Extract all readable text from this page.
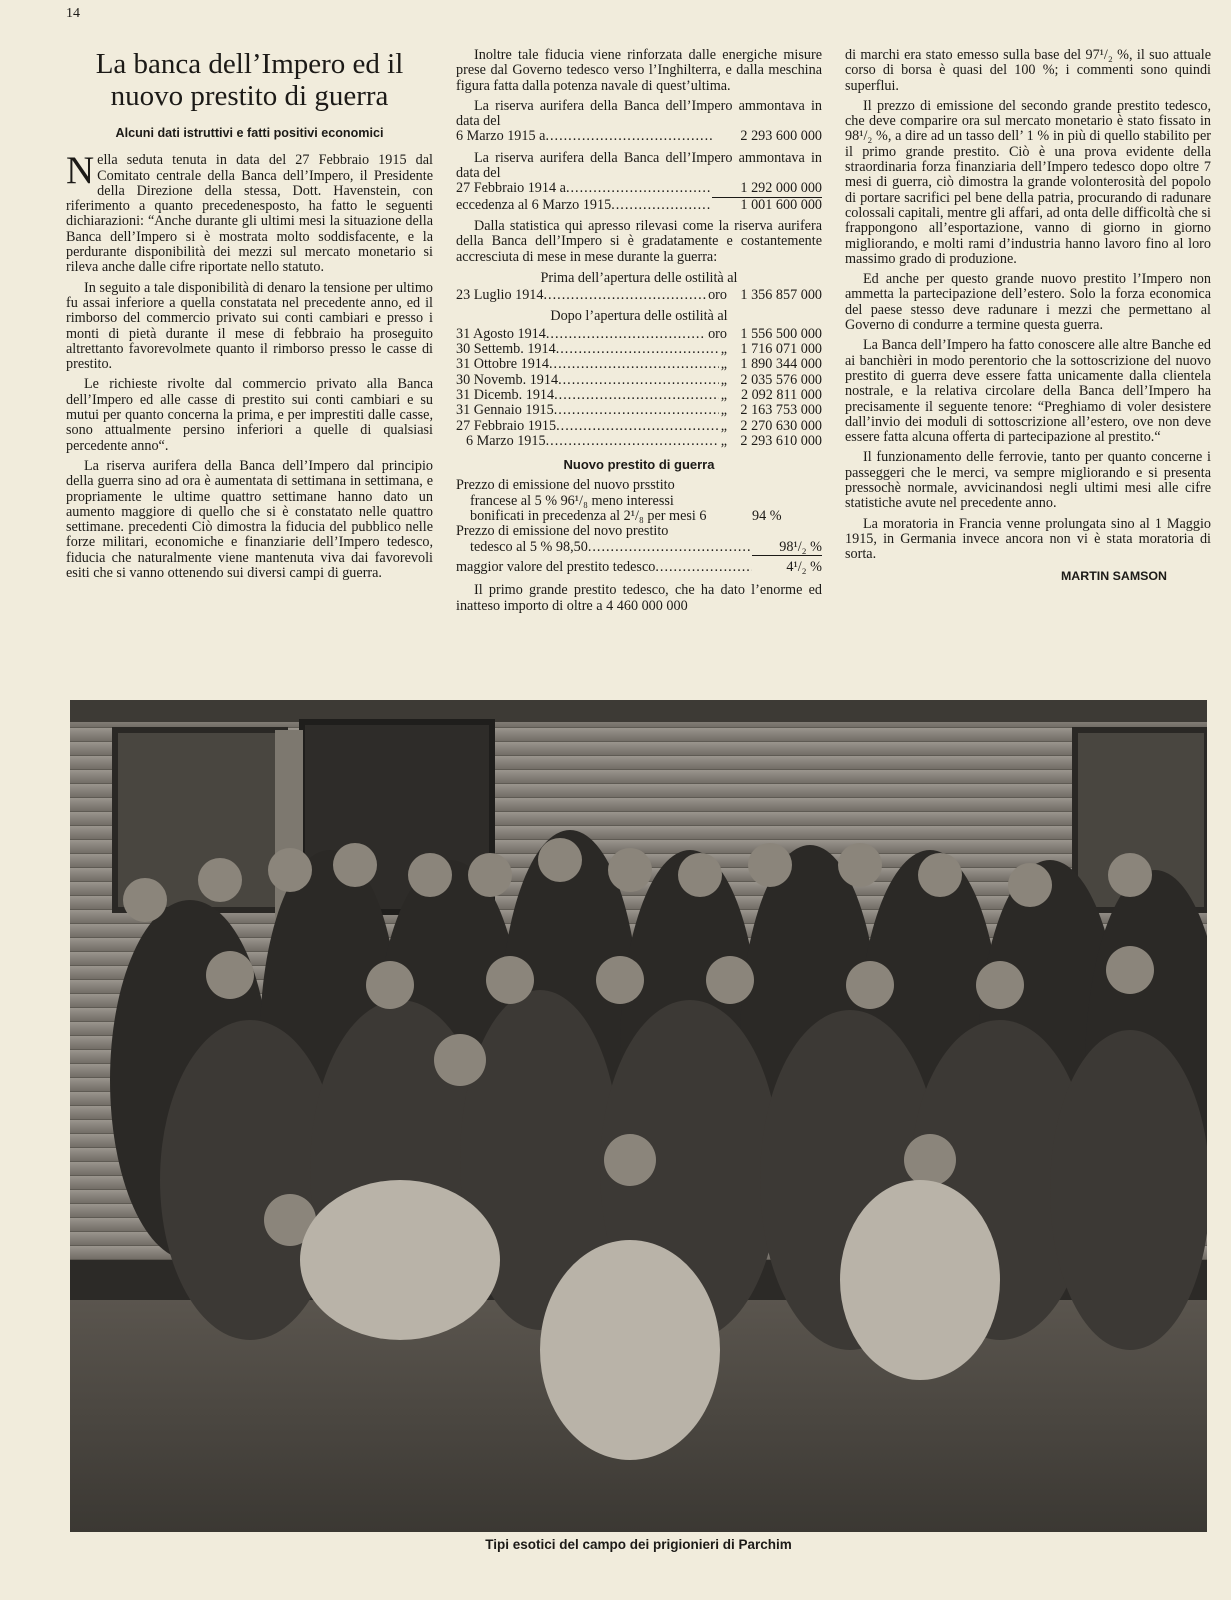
14
La banca dell’Impero ed il nuovo prestito di guerra
Alcuni dati istruttivi e fatti positivi economici

Nella seduta tenuta in data del 27 Febbraio 1915 dal Comitato centrale della Banca dell’Impero, il Presidente della Direzione della stessa, Dott. Havenstein, con riferimento a quanto precedenesposto, ha fatto le seguenti dichiarazioni: “Anche durante gli ultimi mesi la situazione della Banca dell’Impero si è mostrata molto soddisfacente, e la perdurante disponibilità dei mezzi sul mercato monetario si rileva anche dalle cifre riportate nello statuto.

In seguito a tale disponibilità di denaro la tensione per ultimo fu assai inferiore a quella constatata nel precedente anno, ed il rimborso del commercio privato sui conti cambiari e presso i monti di pietà durante il mese di febbraio ha proseguito altrettanto favorevolmete quanto il rimborso presso le casse di prestito.

Le richieste rivolte dal commercio privato alla Banca dell’Impero ed alle casse di prestito sui conti cambiari e su mutui per quanto concerna la prima, e per imprestiti dalle casse, sono attualmente persino inferiori a quelle di qualsiasi percedente anno“.

La riserva aurifera della Banca dell’Impero dal principio della guerra sino ad ora è aumentata di settimana in settimana, e propriamente le ultime quattro settimane hanno dato un aumento maggiore di quello che si è constatato nelle quattro settimane. precedenti Ciò dimostra la fiducia del pubblico nelle forze militari, economiche e finanziarie dell’Impero tedesco, fiducia che naturalmente viene mantenuta viva dai favorevoli esiti che si vanno ottenendo sui diversi campi di guerra.

Inoltre tale fiducia viene rinforzata dalle energiche misure prese dal Governo tedesco verso l’Inghilterra, e dalla meschina figura fatta dalla potenza navale di quest’ultima.

La riserva aurifera della Banca dell’Impero ammontava in data del

6 Marzo 1915 a .....	2 293 600 000

La riserva aurifera della Banca dell’Impero ammontava in data del

27 Febbraio 1914 a .....	1 292 000 000
eccedenza al 6 Marzo 1915 .....	1 001 600 000

Dalla statistica qui apresso rilevasi come la riserva aurifera della Banca dell’Impero si è gradatamente e costantemente accresciuta di mese in mese durante la guerra:

Prima dell’apertura delle ostilità al
23 Luglio 1914 .....	oro 1 356 857 000
Dopo l’apertura delle ostilità al
31 Agosto 1914 .....	oro 1 556 500 000
30 Settemb. 1914 .....	„ 1 716 071 000
31 Ottobre 1914 .....	„ 1 890 344 000
30 Novemb. 1914 .....	„ 2 035 576 000
31 Dicemb. 1914 .....	„ 2 092 811 000
31 Gennaio 1915 .....	„ 2 163 753 000
27 Febbraio 1915 .....	„ 2 270 630 000
6 Marzo 1915 .....	„ 2 293 610 000
Nuovo prestito di guerra
Prezzo di emissione del nuovo prsstito
francese al 5 % 96¹/₈ meno interessi
bonificati in precedenza al 2¹/₈ per mesi 6	94 %
Prezzo di emissione del novo prestito
tedesco al 5 % 98,50 .....	98¹/₂ %
maggior valore del prestito tedesco .....	4¹/₂ %

Il primo grande prestito tedesco, che ha dato l’enorme ed inatteso importo di oltre a 4 460 000 000

di marchi era stato emesso sulla base del 97¹/₂ %, il suo attuale corso di borsa è quasi del 100 %; i commenti sono quindi superflui.

Il prezzo di emissione del secondo grande prestito tedesco, che deve comparire ora sul mercato monetario è stato fissato in 98¹/₂ %, a dire ad un tasso dell’ 1 % in più di quello stabilito per il primo grande prestito. Ciò è una prova evidente della straordinaria forza finanziaria dell’Impero tedesco dopo oltre 7 mesi di guerra, ciò dimostra la grande volonterosità del popolo di portare sacrifici pel bene della patria, procurando di radunare colossali capitali, mentre gli affari, ad onta delle difficoltà che si frappongono all’esportazione, vanno di giorno in giorno migliorando, e molti rami d’industria hanno lavoro fino al loro massimo grado di produzione.

Ed anche per questo grande nuovo prestito l’Impero non ammetta la partecipazione dell’estero. Solo la forza economica del paese stesso deve radunare i mezzi che permettano al Governo di condurre a termine questa guerra.

La Banca dell’Impero ha fatto conoscere alle altre Banche ed ai banchièri in modo perentorio che la sottoscrizione del nuovo prestito di guerra deve essere fatta unicamente dalla clientela nostrale, e la relativa circolare della Banca dell’Impero ha precisamente il seguente tenore: “Preghiamo di voler desistere dall’invio dei moduli di sottoscrizione all’estero, ove non deve essere fatta alcuna offerta di partecipazione al prestito.“

Il funzionamento delle ferrovie, tanto per quanto concerne i passeggeri che le merci, va sempre migliorando e si presenta pressochè normale, avvicinandosi negli ultimi mesi alle cifre statistiche avute nel precedente anno.

La moratoria in Francia venne prolungata sino al 1 Maggio 1915, in Germania invece ancora non vi è stata moratoria di sorta.

MARTIN SAMSON
Tipi esotici del campo dei prigionieri di Parchim
